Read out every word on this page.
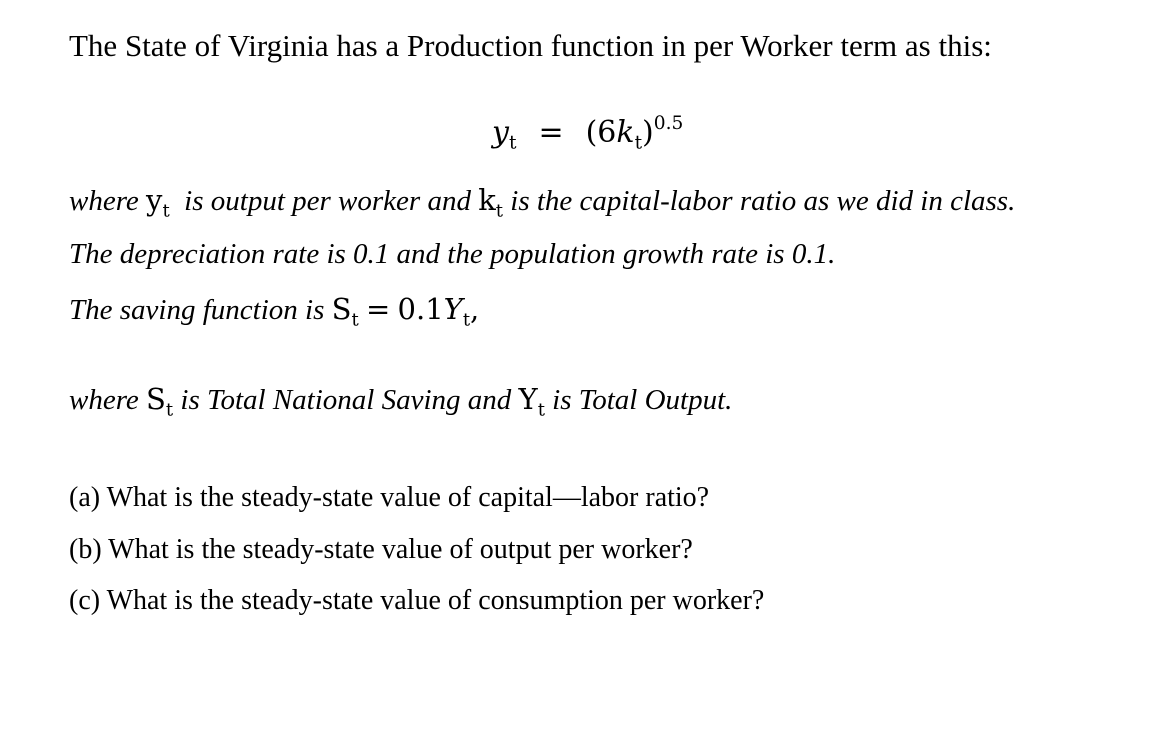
The State of Virginia has a Production function in per Worker term as this:
$y_t = (6k_t)^{0.5}$
where $y_t$ is output per worker and $k_t$ is the capital-labor ratio as we did in class.
The depreciation rate is 0.1 and the population growth rate is 0.1.
The saving function is $S_t = 0.1Y_t$,
where $S_t$ is Total National Saving and $Y_t$ is Total Output.
(a) What is the steady-state value of capital—labor ratio?
(b) What is the steady-state value of output per worker?
(c) What is the steady-state value of consumption per worker?
